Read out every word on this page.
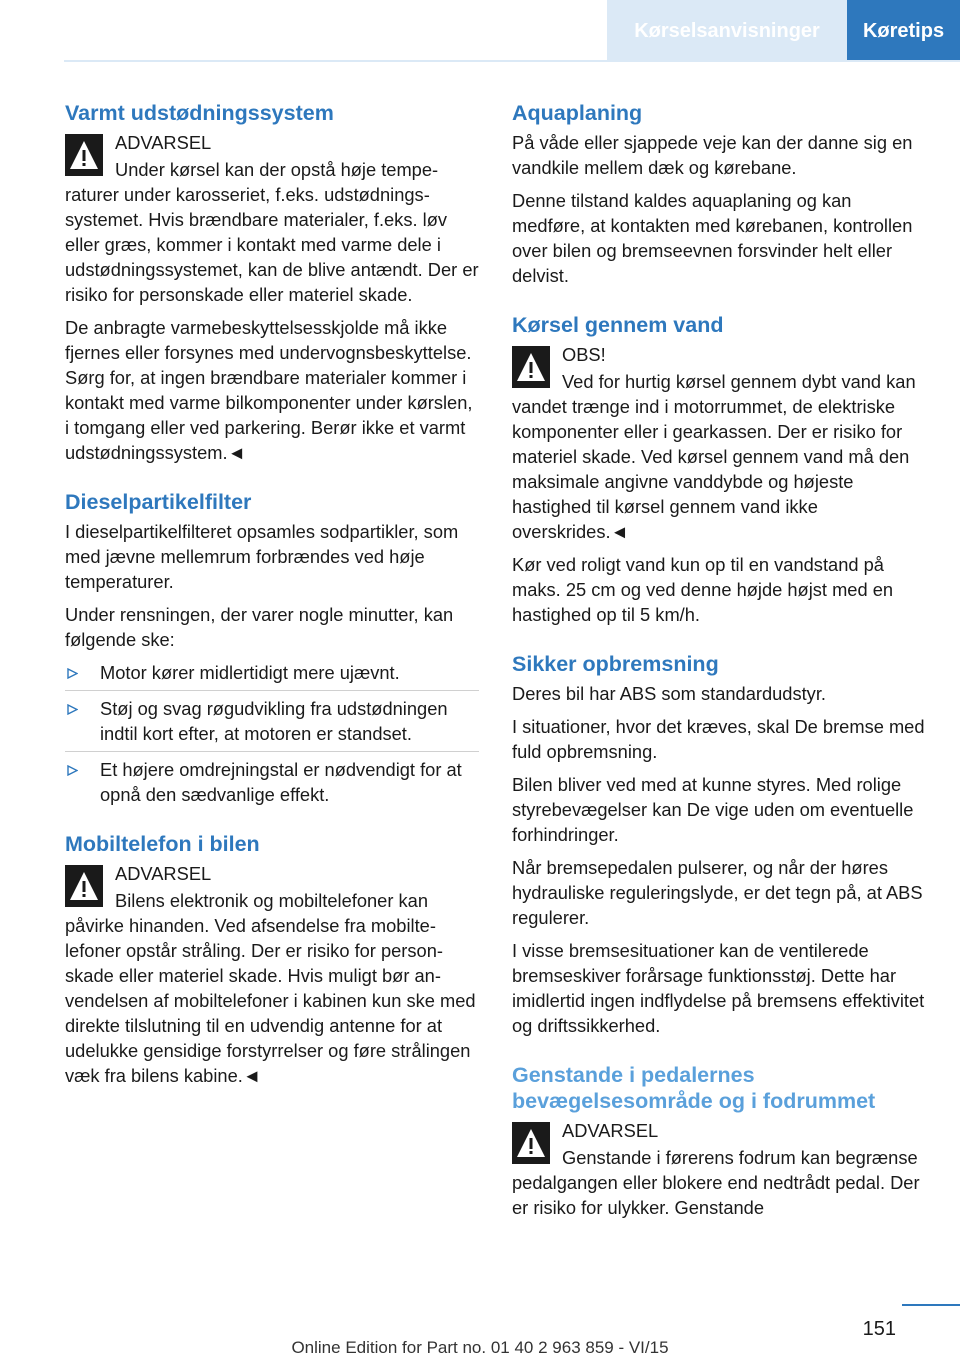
Kørselsanvisninger	Køretips
Varmt udstødningssystem

ADVARSEL

Under kørsel kan der opstå høje temperaturer under karosseriet, f.eks. udstødningssystemet. Hvis brændbare materialer, f.eks. løv eller græs, kommer i kontakt med varme dele i udstødningssystemet, kan de blive antændt. Der er risiko for personskade eller materiel skade.

De anbragte varmebeskyttelsesskjolde må ikke fjernes eller forsynes med undervognsbeskyttelse. Sørg for, at ingen brændbare materialer kommer i kontakt med varme bilkomponenter under kørslen, i tomgang eller ved parkering. Berør ikke et varmt udstødningssystem.◄

Dieselpartikelfilter

I dieselpartikelfilteret opsamles sodpartikler, som med jævne mellemrum forbrændes ved høje temperaturer.

Under rensningen, der varer nogle minutter, kan følgende ske:

Motor kører midlertidigt mere ujævnt.
Støj og svag røgudvikling fra udstødningen indtil kort efter, at motoren er standset.
Et højere omdrejningstal er nødvendigt for at opnå den sædvanlige effekt.
Mobiltelefon i bilen

ADVARSEL

Bilens elektronik og mobiltelefoner kan påvirke hinanden. Ved afsendelse fra mobiltelefoner opstår stråling. Der er risiko for personskade eller materiel skade. Hvis muligt bør anvendelsen af mobiltelefoner i kabinen kun ske med direkte tilslutning til en udvendig antenne for at udelukke gensidige forstyrrelser og føre strålingen væk fra bilens kabine.◄

Aquaplaning

På våde eller sjappede veje kan der danne sig en vandkile mellem dæk og kørebane.

Denne tilstand kaldes aquaplaning og kan medføre, at kontakten med kørebanen, kontrollen over bilen og bremseevnen forsvinder helt eller delvist.

Kørsel gennem vand

OBS!

Ved for hurtig kørsel gennem dybt vand kan vandet trænge ind i motorrummet, de elektriske komponenter eller i gearkassen. Der er risiko for materiel skade. Ved kørsel gennem vand må den maksimale angivne vanddybde og højeste hastighed til kørsel gennem vand ikke overskrides.◄

Kør ved roligt vand kun op til en vandstand på maks. 25 cm og ved denne højde højst med en hastighed op til 5 km/h.

Sikker opbremsning

Deres bil har ABS som standardudstyr.

I situationer, hvor det kræves, skal De bremse med fuld opbremsning.

Bilen bliver ved med at kunne styres. Med rolige styrebevægelser kan De vige uden om eventuelle forhindringer.

Når bremsepedalen pulserer, og når der høres hydrauliske reguleringslyde, er det tegn på, at ABS regulerer.

I visse bremsesituationer kan de ventilerede bremseskiver forårsage funktionsstøj. Dette har imidlertid ingen indflydelse på bremsens effektivitet og driftssikkerhed.

Genstande i pedalernes bevægelsesområde og i fodrummet

ADVARSEL

Genstande i førerens fodrum kan begrænse pedalgangen eller blokere end nedtrådt pedal. Der er risiko for ulykker. Genstande

151
Online Edition for Part no. 01 40 2 963 859 - VI/15
